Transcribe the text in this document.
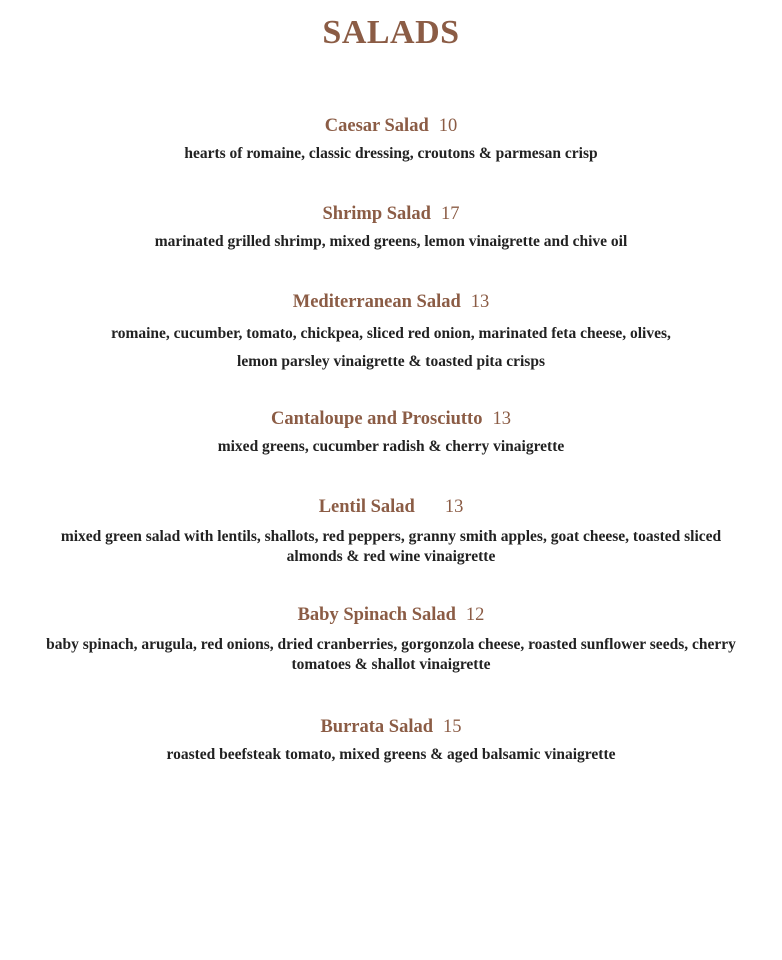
SALADS
Caesar Salad 10
hearts of romaine, classic dressing, croutons & parmesan crisp
Shrimp Salad 17
marinated grilled shrimp, mixed greens, lemon vinaigrette and chive oil
Mediterranean Salad 13
romaine, cucumber, tomato, chickpea, sliced red onion, marinated feta cheese, olives,
lemon parsley vinaigrette & toasted pita crisps
Cantaloupe and Prosciutto 13
mixed greens, cucumber radish & cherry vinaigrette
Lentil Salad 13
mixed green salad with lentils, shallots, red peppers, granny smith apples, goat cheese, toasted sliced almonds & red wine vinaigrette
Baby Spinach Salad 12
baby spinach, arugula, red onions, dried cranberries, gorgonzola cheese, roasted sunflower seeds, cherry tomatoes & shallot vinaigrette
Burrata Salad 15
roasted beefsteak tomato, mixed greens & aged balsamic vinaigrette
